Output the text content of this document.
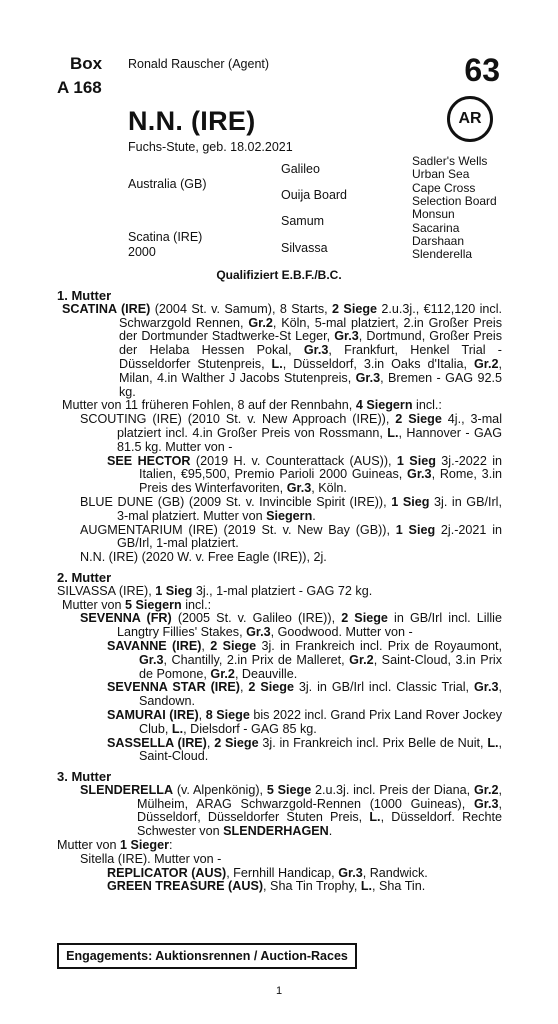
Box
A 168
Ronald Rauscher (Agent)	63
N.N. (IRE)	AR
Fuchs-Stute, geb. 18.02.2021
Australia (GB)
Scatina (IRE)
2000
Galileo
Ouija Board
Samum
Silvassa
Sadler's Wells
Urban Sea
Cape Cross
Selection Board
Monsun
Sacarina
Darshaan
Slenderella
Qualifiziert E.B.F./B.C.

1. Mutter

SCATINA (IRE) (2004 St. v. Samum), 8 Starts, 2 Siege 2.u.3j., €112,120 incl. Schwarzgold Rennen, Gr.2, Köln, 5-mal platziert, 2.in Großer Preis der Dortmunder Stadtwerke-St Leger, Gr.3, Dortmund, Großer Preis der Helaba Hessen Pokal, Gr.3, Frankfurt, Henkel Trial - Düsseldorfer Stutenpreis, L., Düsseldorf, 3.in Oaks d'Italia, Gr.2, Milan, 4.in Walther J Jacobs Stutenpreis, Gr.3, Bremen - GAG 92.5 kg.

Mutter von 11 früheren Fohlen, 8 auf der Rennbahn, 4 Siegern incl.:

SCOUTING (IRE) (2010 St. v. New Approach (IRE)), 2 Siege 4j., 3-mal platziert incl. 4.in Großer Preis von Rossmann, L., Hannover - GAG 81.5 kg. Mutter von -

SEE HECTOR (2019 H. v. Counterattack (AUS)), 1 Sieg 3j.-2022 in Italien, €95,500, Premio Parioli 2000 Guineas, Gr.3, Rome, 3.in Preis des Winterfavoriten, Gr.3, Köln.

BLUE DUNE (GB) (2009 St. v. Invincible Spirit (IRE)), 1 Sieg 3j. in GB/Irl, 3-mal platziert. Mutter von Siegern.

AUGMENTARIUM (IRE) (2019 St. v. New Bay (GB)), 1 Sieg 2j.-2021 in GB/Irl, 1-mal platziert.

N.N. (IRE) (2020 W. v. Free Eagle (IRE)), 2j.

2. Mutter

SILVASSA (IRE), 1 Sieg 3j., 1-mal platziert - GAG 72 kg.

Mutter von 5 Siegern incl.:

SEVENNA (FR) (2005 St. v. Galileo (IRE)), 2 Siege in GB/Irl incl. Lillie Langtry Fillies' Stakes, Gr.3, Goodwood. Mutter von -

SAVANNE (IRE), 2 Siege 3j. in Frankreich incl. Prix de Royaumont, Gr.3, Chantilly, 2.in Prix de Malleret, Gr.2, Saint-Cloud, 3.in Prix de Pomone, Gr.2, Deauville.

SEVENNA STAR (IRE), 2 Siege 3j. in GB/Irl incl. Classic Trial, Gr.3, Sandown.

SAMURAI (IRE), 8 Siege bis 2022 incl. Grand Prix Land Rover Jockey Club, L., Dielsdorf - GAG 85 kg.

SASSELLA (IRE), 2 Siege 3j. in Frankreich incl. Prix Belle de Nuit, L., Saint-Cloud.

3. Mutter

SLENDERELLA (v. Alpenkönig), 5 Siege 2.u.3j. incl. Preis der Diana, Gr.2, Mülheim, ARAG Schwarzgold-Rennen (1000 Guineas), Gr.3, Düsseldorf, Düsseldorfer Stuten Preis, L., Düsseldorf. Rechte Schwester von SLENDERHAGEN.

Mutter von 1 Sieger:

Sitella (IRE). Mutter von -

REPLICATOR (AUS), Fernhill Handicap, Gr.3, Randwick.

GREEN TREASURE (AUS), Sha Tin Trophy, L., Sha Tin.

Engagements: Auktionsrennen / Auction-Races
1
